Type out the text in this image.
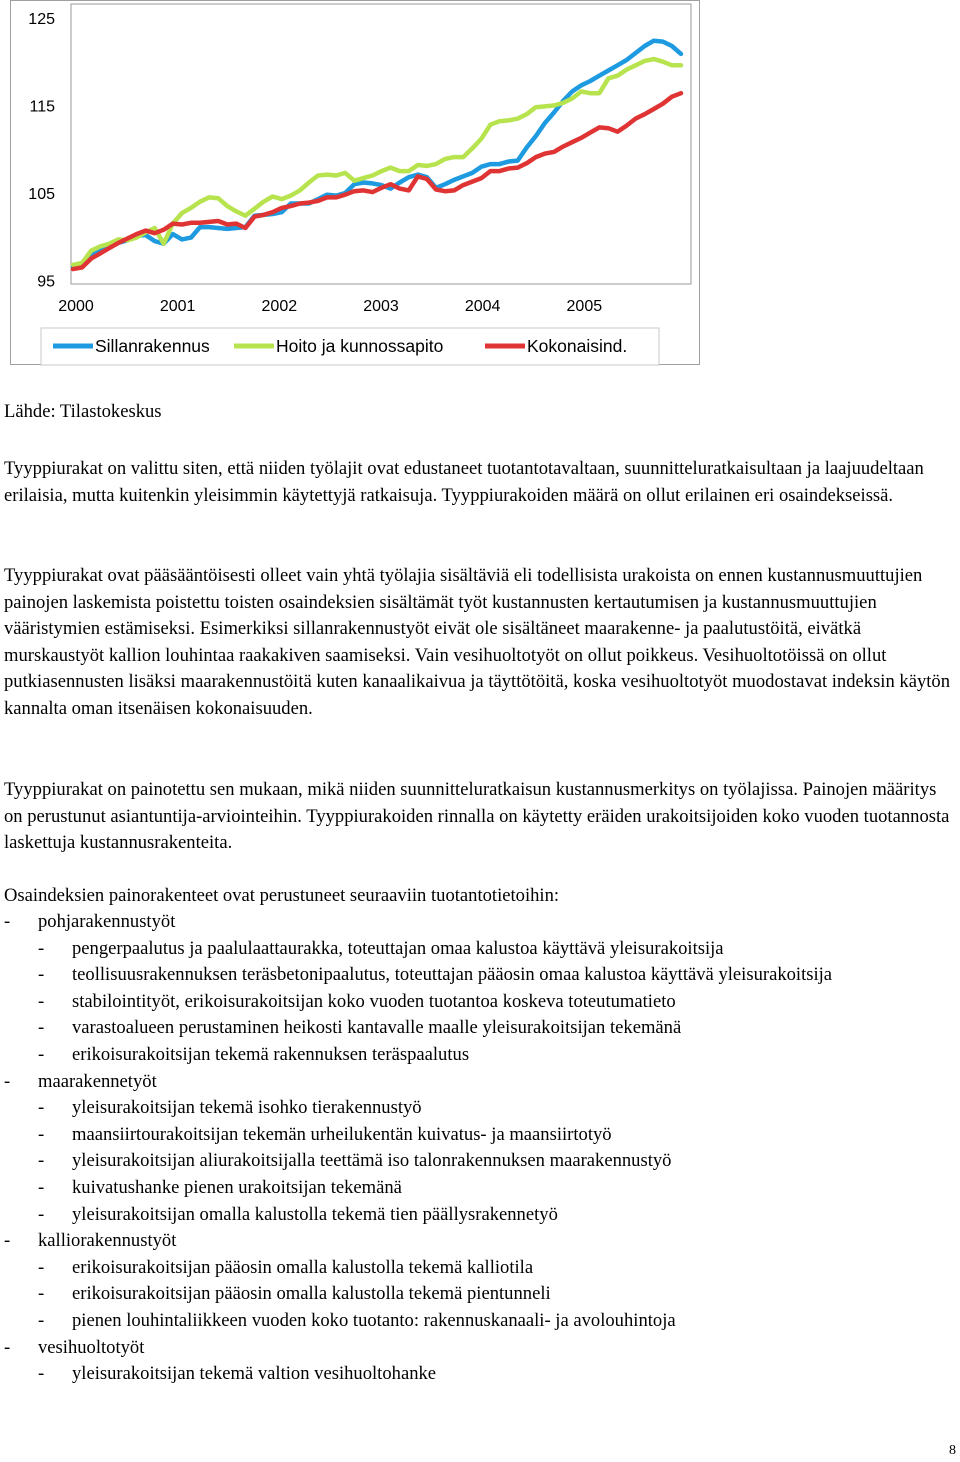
125
115
105
95
2000	2001	2002	2003	2004	2005
Sillanrakennus	Hoito ja kunnossapito	Kokonaisind.

Lähde: Tilastokeskus

Tyyppiurakat on valittu siten, että niiden työlajit ovat edustaneet tuotantotavaltaan, suunnitteluratkaisultaan ja laajuudeltaan erilaisia, mutta kuitenkin yleisimmin käytettyjä ratkaisuja. Tyyppiurakoiden määrä on ollut erilainen eri osaindekseissä.

Tyyppiurakat ovat pääsääntöisesti olleet vain yhtä työlajia sisältäviä eli todellisista urakoista on ennen kustannusmuuttujien painojen laskemista poistettu toisten osaindeksien sisältämät työt kustannusten kertautumisen ja kustannusmuuttujien vääristymien estämiseksi. Esimerkiksi sillanrakennustyöt eivät ole sisältäneet maarakenne- ja paalutustöitä, eivätkä murskaustyöt kallion louhintaa raakakiven saamiseksi. Vain vesihuoltotyöt on ollut poikkeus. Vesihuoltotöissä on ollut putkiasennusten lisäksi maarakennustöitä kuten kanaalikaivua ja täyttötöitä, koska vesihuoltotyöt muodostavat indeksin käytön kannalta oman itsenäisen kokonaisuuden.

Tyyppiurakat on painotettu sen mukaan, mikä niiden suunnitteluratkaisun kustannusmerkitys on työlajissa. Painojen määritys on perustunut asiantuntija-arviointeihin. Tyyppiurakoiden rinnalla on käytetty eräiden urakoitsijoiden koko vuoden tuotannosta laskettuja kustannusrakenteita.

Osaindeksien painorakenteet ovat perustuneet seuraaviin tuotantotietoihin:

- pohjarakennustyöt
- pengerpaalutus ja paalulaattaurakka, toteuttajan omaa kalustoa käyttävä yleisurakoitsija
- teollisuusrakennuksen teräsbetonipaalutus, toteuttajan pääosin omaa kalustoa käyttävä yleisurakoitsija
- stabilointityöt, erikoisurakoitsijan koko vuoden tuotantoa koskeva toteutumatieto
- varastoalueen perustaminen heikosti kantavalle maalle yleisurakoitsijan tekemänä
- erikoisurakoitsijan tekemä rakennuksen teräspaalutus
- maarakennetyöt
- yleisurakoitsijan tekemä isohko tierakennustyö
- maansiirtourakoitsijan tekemän urheilukentän kuivatus- ja maansiirtotyö
- yleisurakoitsijan aliurakoitsijalla teettämä iso talonrakennuksen maarakennustyö
- kuivatushanke pienen urakoitsijan tekemänä
- yleisurakoitsijan omalla kalustolla tekemä tien päällysrakennetyö
- kalliorakennustyöt
- erikoisurakoitsijan pääosin omalla kalustolla tekemä kalliotila
- erikoisurakoitsijan pääosin omalla kalustolla tekemä pientunneli
- pienen louhintaliikkeen vuoden koko tuotanto: rakennuskanaali- ja avolouhintoja
- vesihuoltotyöt
- yleisurakoitsijan tekemä valtion vesihuoltohanke
8
